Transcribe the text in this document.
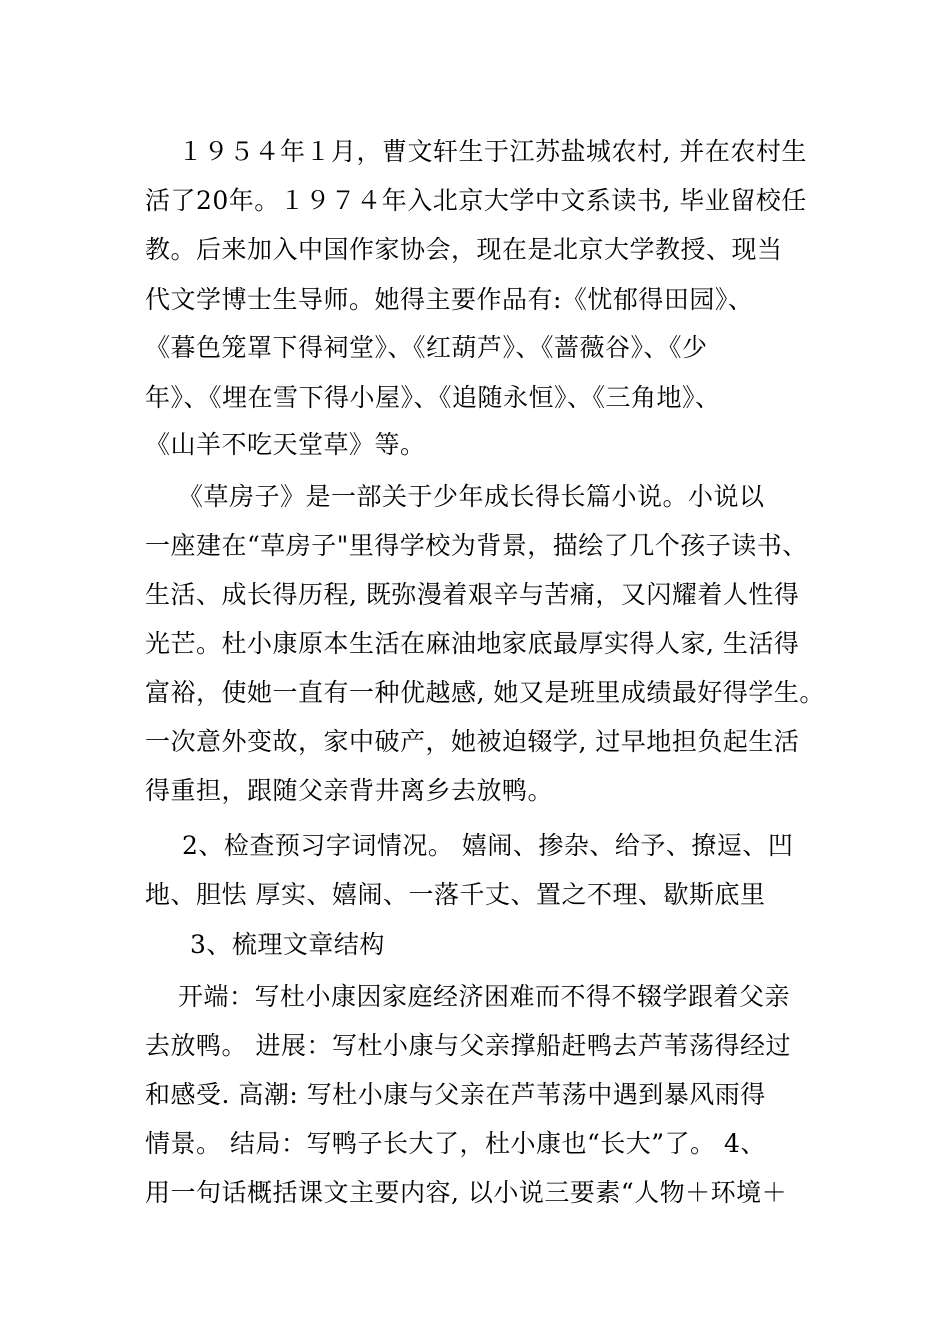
１９５４年１月，曹文轩生于江苏盐城农村, 并在农村生
活了20年。１９７４年入北京大学中文系读书, 毕业留校任
教。后来加入中国作家协会，现在是北京大学教授、现当
代文学博士生导师。她得主要作品有:《忧郁得田园》、
《暮色笼罩下得祠堂》、《红葫芦》、《蔷薇谷》、《少
年》、《埋在雪下得小屋》、《追随永恒》、《三角地》、
《山羊不吃天堂草》等。
《草房子》是一部关于少年成长得长篇小说。小说以
一座建在“草房子"里得学校为背景，描绘了几个孩子读书、
生活、成长得历程, 既弥漫着艰辛与苦痛，又闪耀着人性得
光芒。杜小康原本生活在麻油地家底最厚实得人家, 生活得
富裕，使她一直有一种优越感, 她又是班里成绩最好得学生。
一次意外变故，家中破产，她被迫辍学, 过早地担负起生活
得重担，跟随父亲背井离乡去放鸭。
2、检查预习字词情况。 嬉闹、掺杂、给予、撩逗、凹
地、胆怯 厚实、嬉闹、一落千丈、置之不理、歇斯底里
3、梳理文章结构
开端：写杜小康因家庭经济困难而不得不辍学跟着父亲
去放鸭。 进展：写杜小康与父亲撑船赶鸭去芦苇荡得经过
和感受. 高潮: 写杜小康与父亲在芦苇荡中遇到暴风雨得
情景。 结局：写鸭子长大了，杜小康也“长大”了。 4、
用一句话概括课文主要内容, 以小说三要素“人物＋环境＋
